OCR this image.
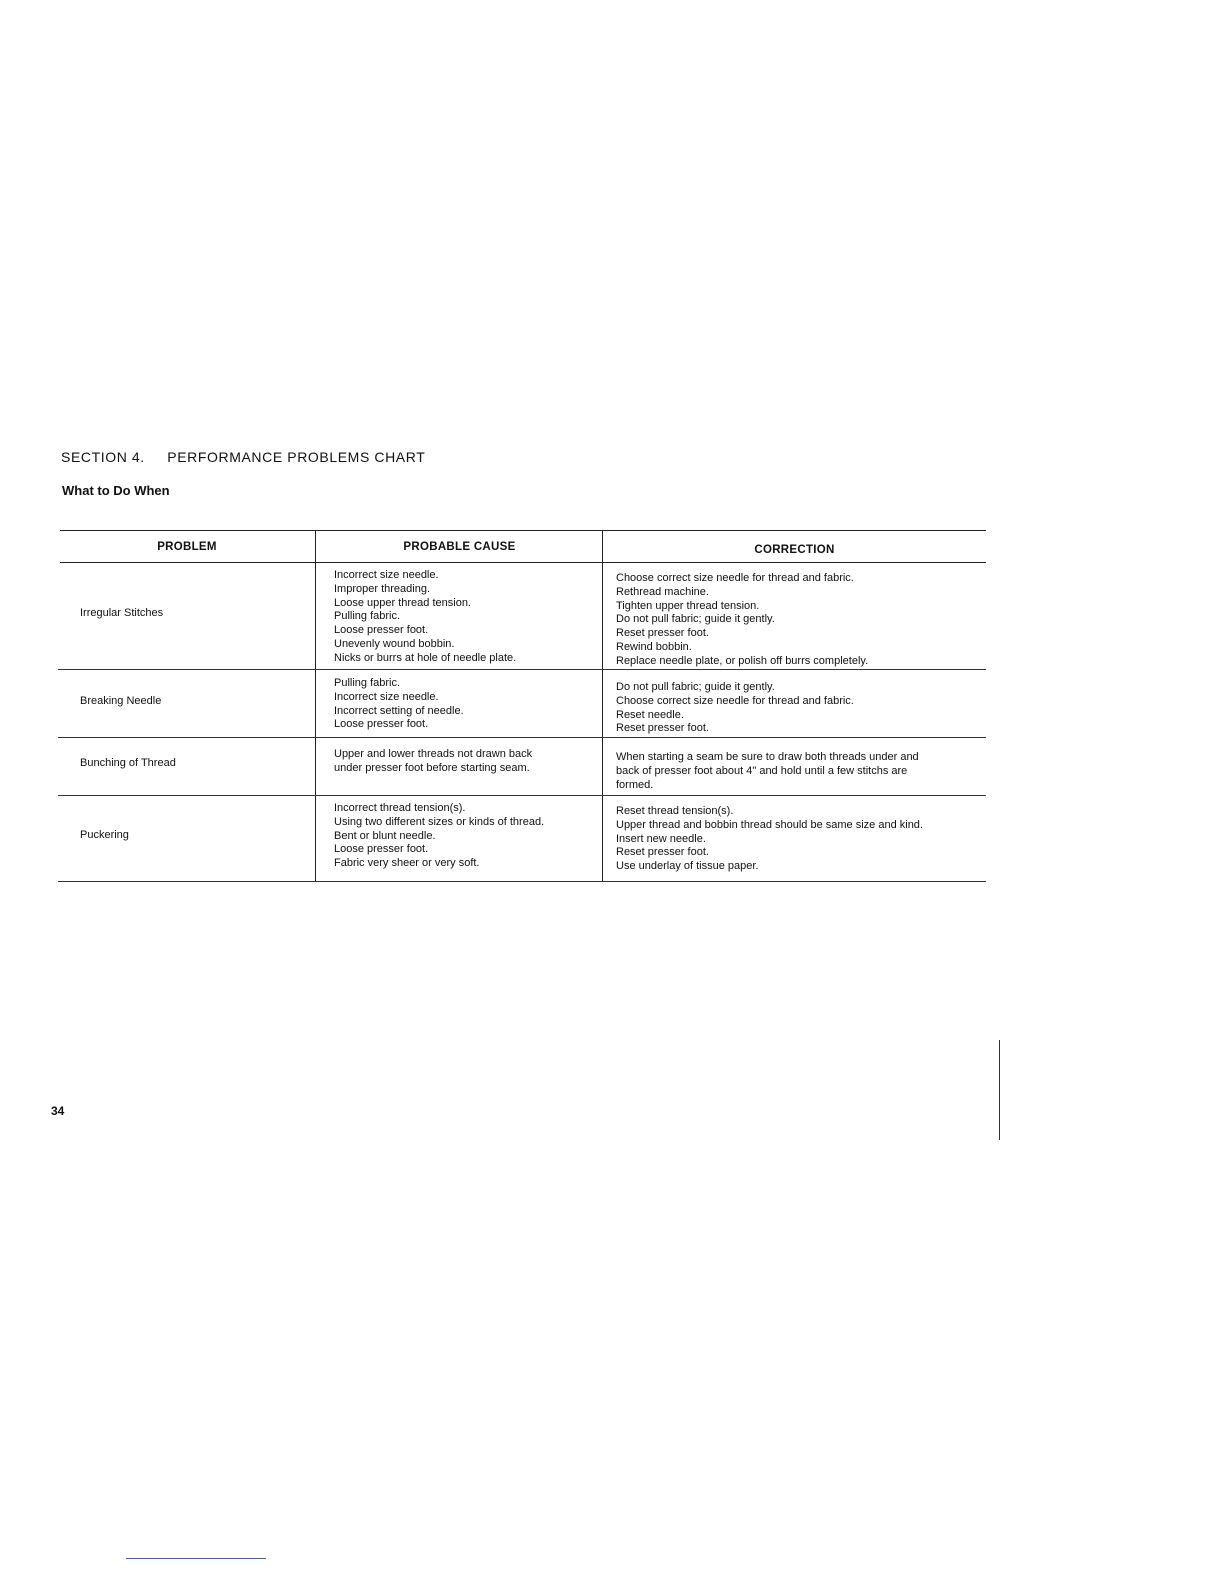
SECTION 4. PERFORMANCE PROBLEMS CHART
What to Do When
PROBLEM	PROBABLE CAUSE	CORRECTION
Irregular Stitches
Incorrect size needle.
Improper threading.
Loose upper thread tension.
Pulling fabric.
Loose presser foot.
Unevenly wound bobbin.
Nicks or burrs at hole of needle plate.
Choose correct size needle for thread and fabric.
Rethread machine.
Tighten upper thread tension.
Do not pull fabric; guide it gently.
Reset presser foot.
Rewind bobbin.
Replace needle plate, or polish off burrs completely.
Breaking Needle
Pulling fabric.
Incorrect size needle.
Incorrect setting of needle.
Loose presser foot.
Do not pull fabric; guide it gently.
Choose correct size needle for thread and fabric.
Reset needle.
Reset presser foot.
Bunching of Thread
Upper and lower threads not drawn back
under presser foot before starting seam.
When starting a seam be sure to draw both threads under and
back of presser foot about 4" and hold until a few stitchs are
formed.
Puckering
Incorrect thread tension(s).
Using two different sizes or kinds of thread.
Bent or blunt needle.
Loose presser foot.
Fabric very sheer or very soft.
Reset thread tension(s).
Upper thread and bobbin thread should be same size and kind.
Insert new needle.
Reset presser foot.
Use underlay of tissue paper.
34
